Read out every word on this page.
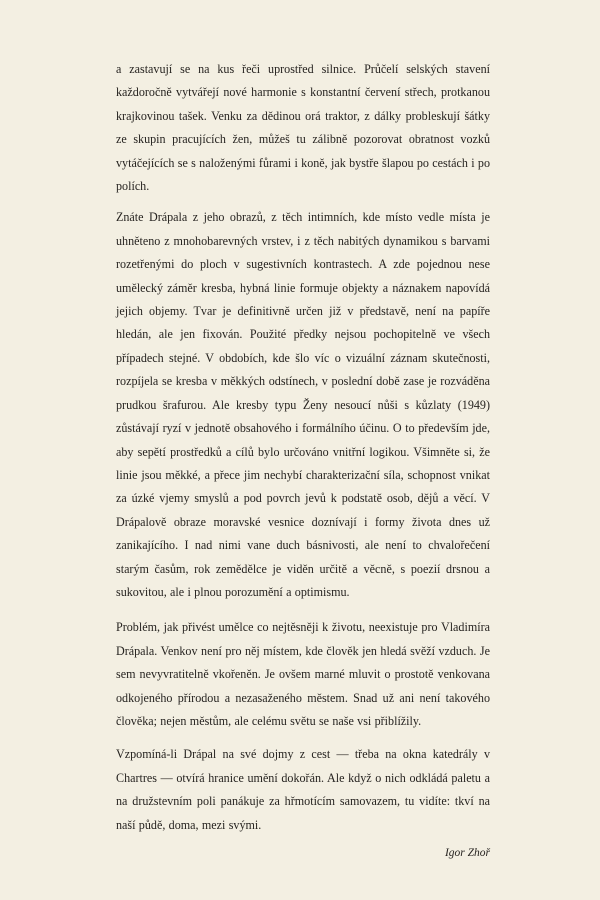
a zastavují se na kus řeči uprostřed silnice. Průčelí selských stavení každoročně vytvářejí nové harmonie s konstantní červení střech, protkanou krajkovinou tašek. Venku za dědinou orá traktor, z dálky probleskují šátky ze skupin pracujících žen, můžeš tu zálibně pozorovat obratnost vozků vytáčejících se s naloženými fůrami i koně, jak bystře šlapou po cestách i po polích.

Znáte Drápala z jeho obrazů, z těch intimních, kde místo vedle místa je uhněteno z mnohobarevných vrstev, i z těch nabitých dynamikou s barvami rozetřenými do ploch v sugestivních kontrastech. A zde pojednou nese umělecký záměr kresba, hybná linie formuje objekty a náznakem napovídá jejich objemy. Tvar je definitivně určen již v představě, není na papíře hledán, ale jen fixován. Použité předky nejsou pochopitelně ve všech případech stejné. V obdobích, kde šlo víc o vizuální záznam skutečnosti, rozpíjela se kresba v měkkých odstínech, v poslední době zase je rozváděna prudkou šrafurou. Ale kresby typu Ženy nesoucí nůši s kůzlaty (1949) zůstávají ryzí v jednotě obsahového i formálního účinu. O to především jde, aby sepětí prostředků a cílů bylo určováno vnitřní logikou. Všimněte si, že linie jsou měkké, a přece jim nechybí charakterizační síla, schopnost vnikat za úzké vjemy smyslů a pod povrch jevů k podstatě osob, dějů a věcí. V Drápalově obraze moravské vesnice doznívají i formy života dnes už zanikajícího. I nad nimi vane duch básnivosti, ale není to chvalořečení starým časům, rok zemědělce je viděn určitě a věcně, s poezií drsnou a sukovitou, ale i plnou porozumění a optimismu.

Problém, jak přivést umělce co nejtěsněji k životu, neexistuje pro Vladimíra Drápala. Venkov není pro něj místem, kde člověk jen hledá svěží vzduch. Je sem nevyvratitelně vkořeněn. Je ovšem marné mluvit o prostotě venkovana odkojeného přírodou a nezasaženého městem. Snad už ani není takového člověka; nejen městům, ale celému světu se naše vsi přiblížily.

Vzpomíná-li Drápal na své dojmy z cest — třeba na okna katedrály v Chartres — otvírá hranice umění dokořán. Ale když o nich odkládá paletu a na družstevním poli panákuje za hřmotícím samovazem, tu vidíte: tkví na naší půdě, doma, mezi svými.

Igor Zhoř
